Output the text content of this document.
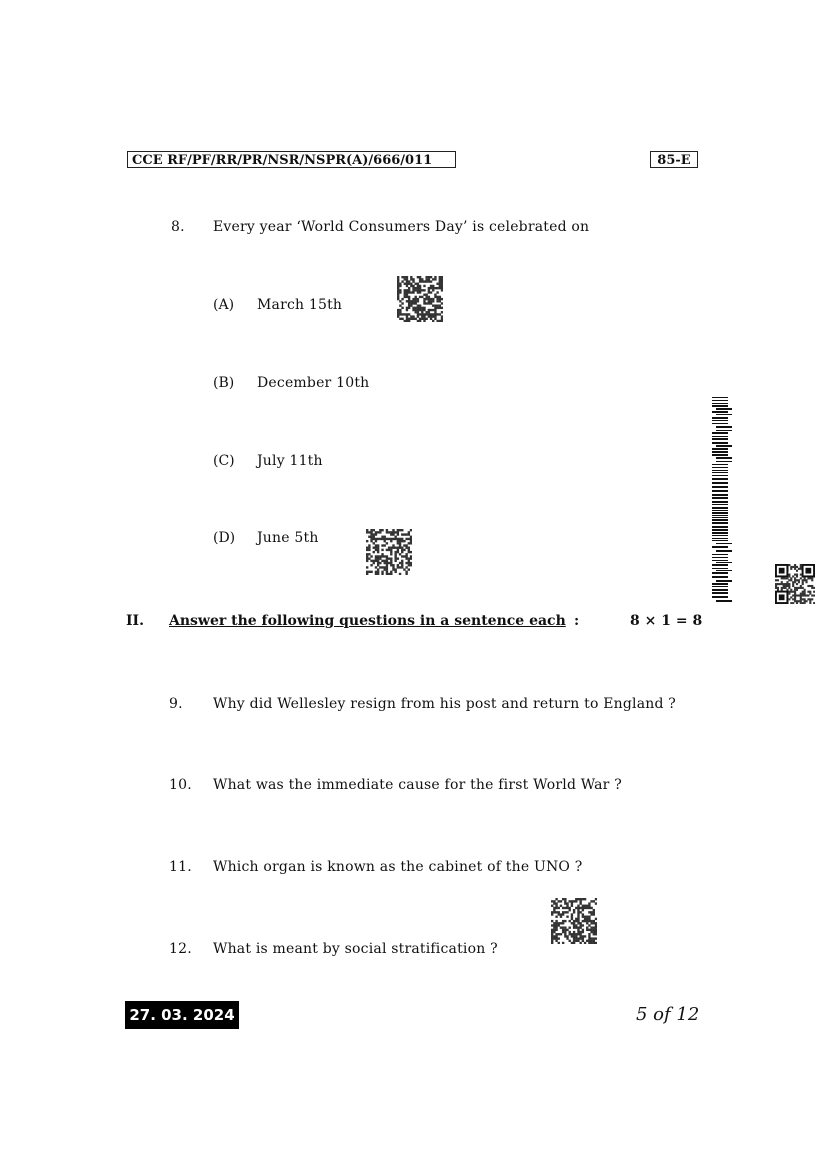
CCE RF/PF/RR/PR/NSR/NSPR(A)/666/011	85-E
8. Every year ‘World Consumers Day’ is celebrated on
(A) March 15th
(B) December 10th
(C) July 11th
(D) June 5th
II. Answer the following questions in a sentence each :	8 × 1 = 8
9. Why did Wellesley resign from his post and return to England ?
10. What was the immediate cause for the first World War ?
11. Which organ is known as the cabinet of the UNO ?
12. What is meant by social stratification ?
27. 03. 2024	5 of 12
